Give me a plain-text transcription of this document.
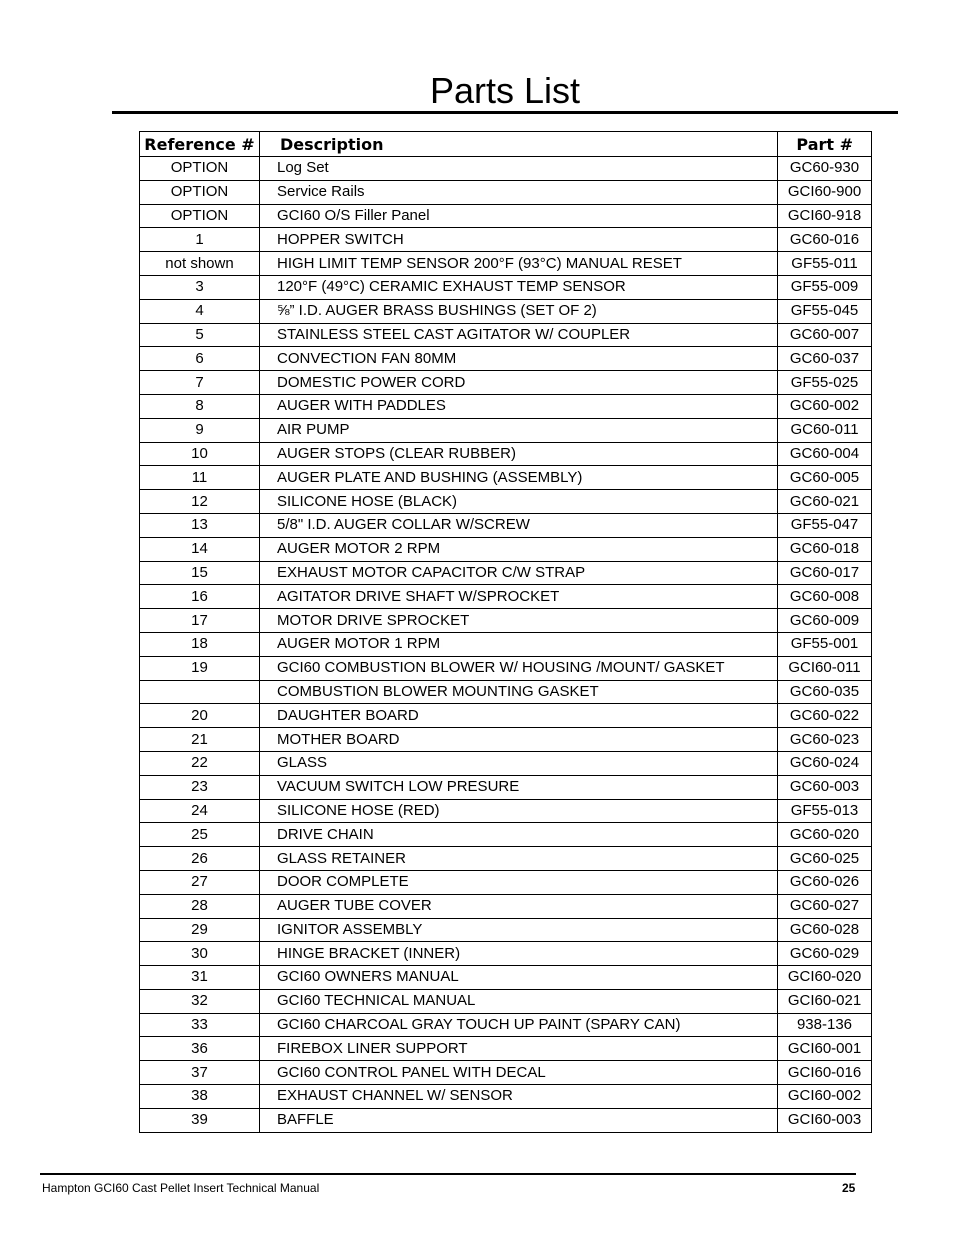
Parts List
Reference #	Description	Part #
OPTION	Log Set	GC60-930
OPTION	Service Rails	GCI60-900
OPTION	GCI60 O/S Filler Panel	GCI60-918
1	HOPPER SWITCH	GC60-016
not shown	HIGH LIMIT TEMP SENSOR 200°F (93°C) MANUAL RESET	GF55-011
3	120°F (49°C) CERAMIC EXHAUST TEMP SENSOR	GF55-009
4	⅝” I.D. AUGER BRASS BUSHINGS (SET OF 2)	GF55-045
5	STAINLESS STEEL CAST AGITATOR W/ COUPLER	GC60-007
6	CONVECTION FAN 80MM	GC60-037
7	DOMESTIC POWER CORD	GF55-025
8	AUGER WITH PADDLES	GC60-002
9	AIR PUMP	GC60-011
10	AUGER STOPS (CLEAR RUBBER)	GC60-004
11	AUGER PLATE AND BUSHING (ASSEMBLY)	GC60-005
12	SILICONE HOSE (BLACK)	GC60-021
13	5/8" I.D. AUGER COLLAR W/SCREW	GF55-047
14	AUGER MOTOR 2 RPM	GC60-018
15	EXHAUST MOTOR CAPACITOR C/W STRAP	GC60-017
16	AGITATOR DRIVE SHAFT W/SPROCKET	GC60-008
17	MOTOR DRIVE SPROCKET	GC60-009
18	AUGER MOTOR 1 RPM	GF55-001
19	GCI60 COMBUSTION BLOWER W/ HOUSING /MOUNT/ GASKET	GCI60-011
	COMBUSTION BLOWER MOUNTING GASKET	GC60-035
20	DAUGHTER BOARD	GC60-022
21	MOTHER BOARD	GC60-023
22	GLASS	GC60-024
23	VACUUM SWITCH LOW PRESURE	GC60-003
24	SILICONE HOSE (RED)	GF55-013
25	DRIVE CHAIN	GC60-020
26	GLASS RETAINER	GC60-025
27	DOOR COMPLETE	GC60-026
28	AUGER TUBE COVER	GC60-027
29	IGNITOR ASSEMBLY	GC60-028
30	HINGE BRACKET (INNER)	GC60-029
31	GCI60 OWNERS MANUAL	GCI60-020
32	GCI60 TECHNICAL MANUAL	GCI60-021
33	GCI60 CHARCOAL GRAY TOUCH UP PAINT (SPARY CAN)	938-136
36	FIREBOX LINER SUPPORT	GCI60-001
37	GCI60 CONTROL PANEL WITH DECAL	GCI60-016
38	EXHAUST CHANNEL W/ SENSOR	GCI60-002
39	BAFFLE	GCI60-003
Hampton GCI60 Cast Pellet Insert Technical Manual	25
